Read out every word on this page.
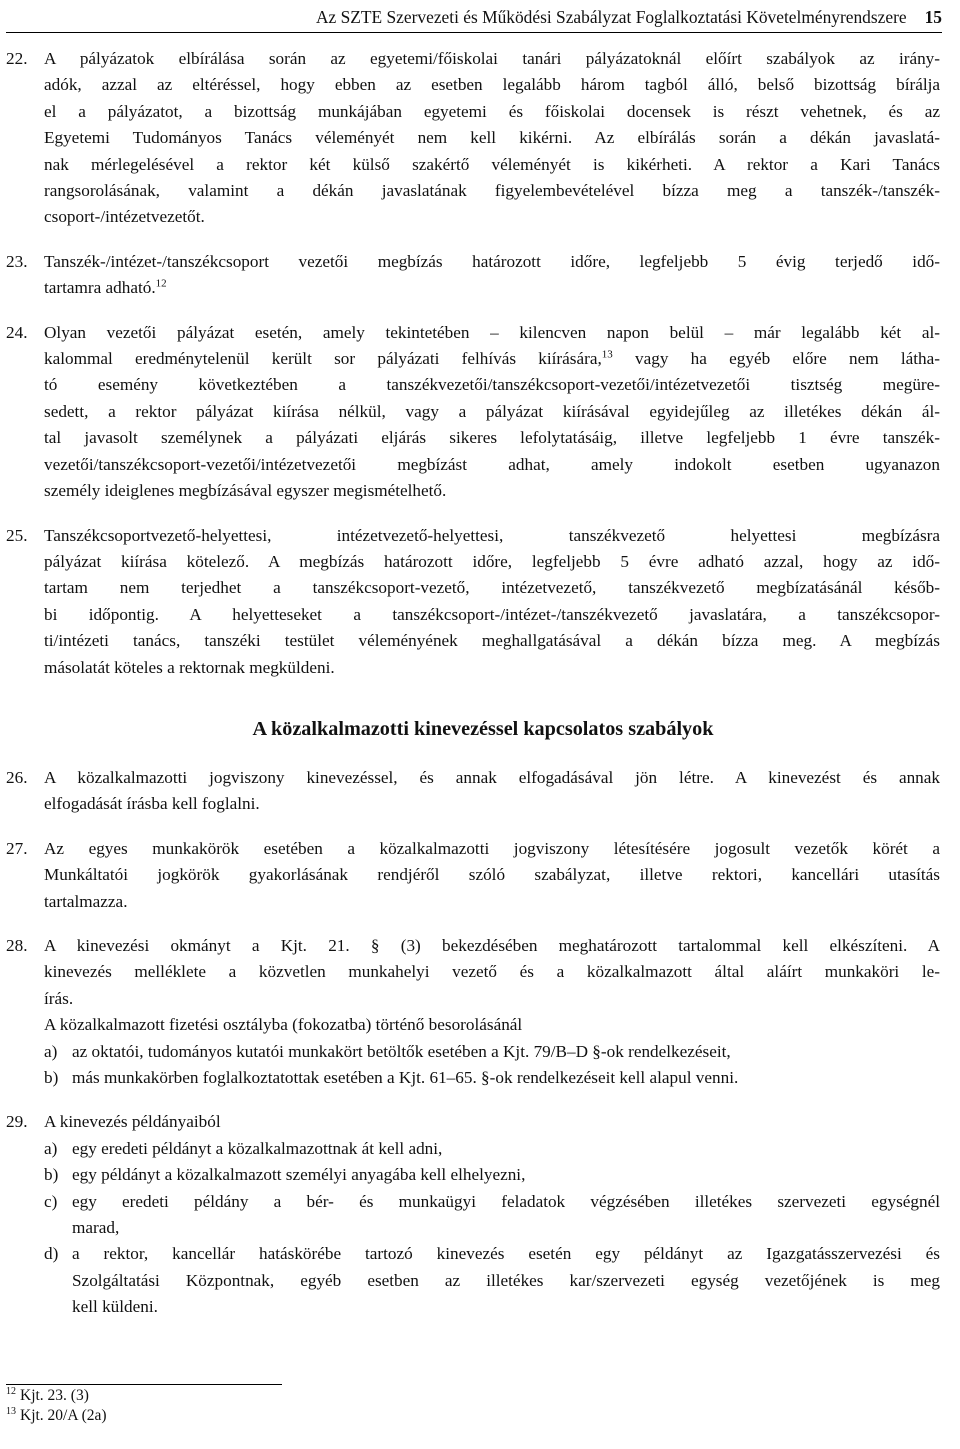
Az SZTE Szervezeti és Működési Szabályzat Foglalkoztatási Követelményrendszere 15
22. A pályázatok elbírálása során az egyetemi/főiskolai tanári pályázatoknál előírt szabályok az irány-
adók, azzal az eltéréssel, hogy ebben az esetben legalább három tagból álló, belső bizottság bírálja
el a pályázatot, a bizottság munkájában egyetemi és főiskolai docensek is részt vehetnek, és az
Egyetemi Tudományos Tanács véleményét nem kell kikérni. Az elbírálás során a dékán javaslatá-
nak mérlegelésével a rektor két külső szakértő véleményét is kikérheti. A rektor a Kari Tanács
rangsorolásának, valamint a dékán javaslatának figyelembevételével bízza meg a tanszék-/tanszék-
csoport-/intézetvezetőt.
23. Tanszék-/intézet-/tanszékcsoport vezetői megbízás határozott időre, legfeljebb 5 évig terjedő idő-
tartamra adható.$^{12}$
24. Olyan vezetői pályázat esetén, amely tekintetében – kilencven napon belül – már legalább két al-
kalommal eredménytelenül került sor pályázati felhívás kiírására,$^{13}$ vagy ha egyéb előre nem látha-
tó esemény következtében a tanszékvezetői/tanszékcsoport-vezetői/intézetvezetői tisztség megüre-
sedett, a rektor pályázat kiírása nélkül, vagy a pályázat kiírásával egyidejűleg az illetékes dékán ál-
tal javasolt személynek a pályázati eljárás sikeres lefolytatásáig, illetve legfeljebb 1 évre tanszék-
vezetői/tanszékcsoport-vezetői/intézetvezetői megbízást adhat, amely indokolt esetben ugyanazon
személy ideiglenes megbízásával egyszer megismételhető.
25. Tanszékcsoportvezető-helyettesi, intézetvezető-helyettesi, tanszékvezető helyettesi megbízásra
pályázat kiírása kötelező. A megbízás határozott időre, legfeljebb 5 évre adható azzal, hogy az idő-
tartam nem terjedhet a tanszékcsoport-vezető, intézetvezető, tanszékvezető megbízatásánál későb-
bi időpontig. A helyetteseket a tanszékcsoport-/intézet-/tanszékvezető javaslatára, a tanszékcsopor-
ti/intézeti tanács, tanszéki testület véleményének meghallgatásával a dékán bízza meg. A megbízás
másolatát köteles a rektornak megküldeni.
A közalkalmazotti kinevezéssel kapcsolatos szabályok
26. A közalkalmazotti jogviszony kinevezéssel, és annak elfogadásával jön létre. A kinevezést és annak
elfogadását írásba kell foglalni.
27. Az egyes munkakörök esetében a közalkalmazotti jogviszony létesítésére jogosult vezetők körét a
Munkáltatói jogkörök gyakorlásának rendjéről szóló szabályzat, illetve rektori, kancellári utasítás
tartalmazza.
28. A kinevezési okmányt a Kjt. 21. § (3) bekezdésében meghatározott tartalommal kell elkészíteni. A
kinevezés melléklete a közvetlen munkahelyi vezető és a közalkalmazott által aláírt munkaköri le-
írás.
A közalkalmazott fizetési osztályba (fokozatba) történő besorolásánál
a) az oktatói, tudományos kutatói munkakört betöltők esetében a Kjt. 79/B–D §-ok rendelkezéseit,
b) más munkakörben foglalkoztatottak esetében a Kjt. 61–65. §-ok rendelkezéseit kell alapul venni.
29. A kinevezés példányaiból
a) egy eredeti példányt a közalkalmazottnak át kell adni,
b) egy példányt a közalkalmazott személyi anyagába kell elhelyezni,
c) egy eredeti példány a bér- és munkaügyi feladatok végzésében illetékes szervezeti egységnél
marad,
d) a rektor, kancellár hatáskörébe tartozó kinevezés esetén egy példányt az Igazgatásszervezési és
Szolgáltatási Központnak, egyéb esetben az illetékes kar/szervezeti egység vezetőjének is meg
kell küldeni.
$^{12}$ Kjt. 23. (3)
$^{13}$ Kjt. 20/A (2a)
